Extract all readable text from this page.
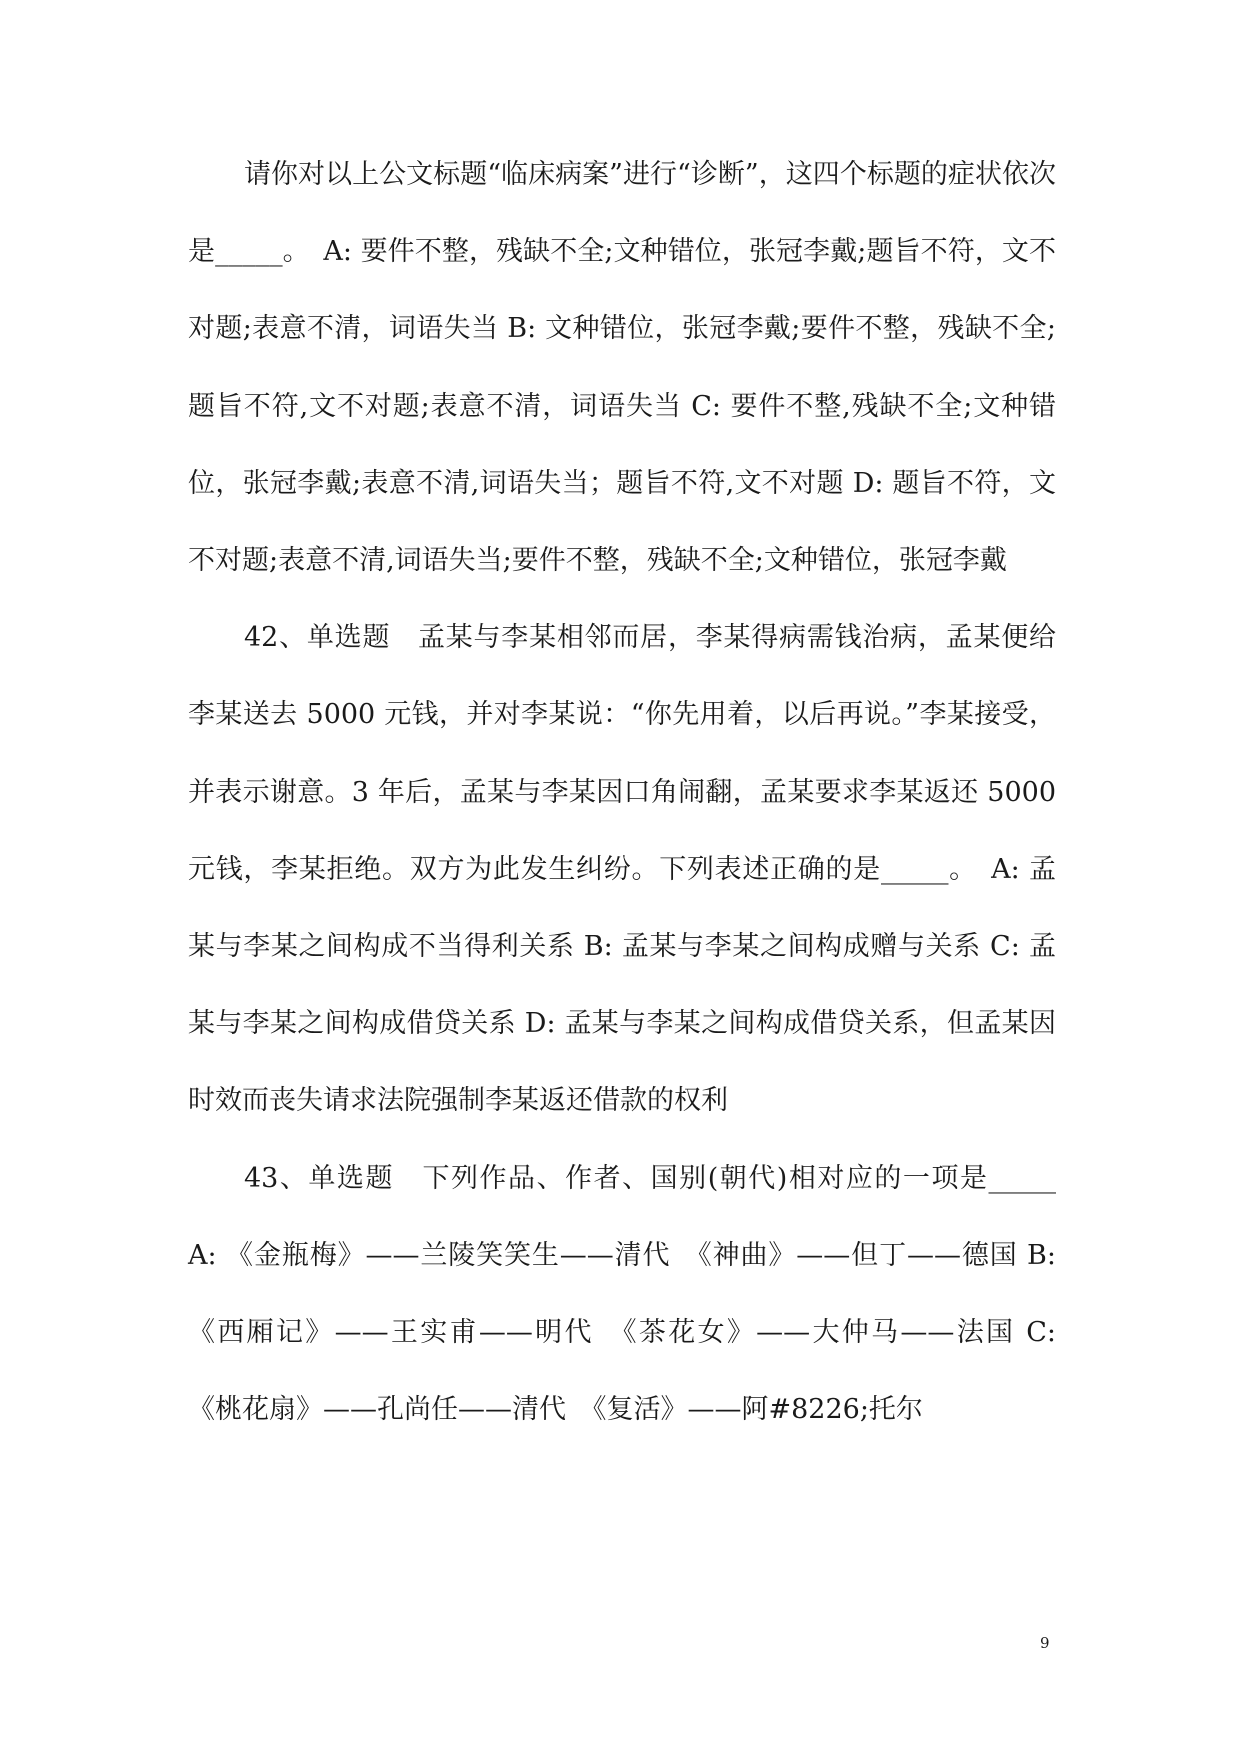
请你对以上公文标题“临床病案”进行“诊断”，这四个标题的症状依次是_____。　A: 要件不整，残缺不全;文种错位，张冠李戴;题旨不符，文不对题;表意不清，词语失当 B: 文种错位，张冠李戴;要件不整，残缺不全;题旨不符,文不对题;表意不清，词语失当 C: 要件不整,残缺不全;文种错位，张冠李戴;表意不清,词语失当；题旨不符,文不对题 D: 题旨不符，文不对题;表意不清,词语失当;要件不整，残缺不全;文种错位，张冠李戴

42、单选题　孟某与李某相邻而居，李某得病需钱治病，孟某便给李某送去 5000 元钱，并对李某说：“你先用着，以后再说。”李某接受，并表示谢意。3 年后，孟某与李某因口角闹翻，孟某要求李某返还 5000 元钱，李某拒绝。双方为此发生纠纷。下列表述正确的是_____。　A: 孟某与李某之间构成不当得利关系 B: 孟某与李某之间构成赠与关系 C: 孟某与李某之间构成借贷关系 D: 孟某与李某之间构成借贷关系，但孟某因时效而丧失请求法院强制李某返还借款的权利

43、单选题　下列作品、作者、国别(朝代)相对应的一项是_____　A: 《金瓶梅》——兰陵笑笑生——清代　《神曲》——但丁——德国 B: 《西厢记》——王实甫——明代　《茶花女》——大仲马——法国 C: 《桃花扇》——孔尚任——清代　《复活》——阿#8226;托尔

9
